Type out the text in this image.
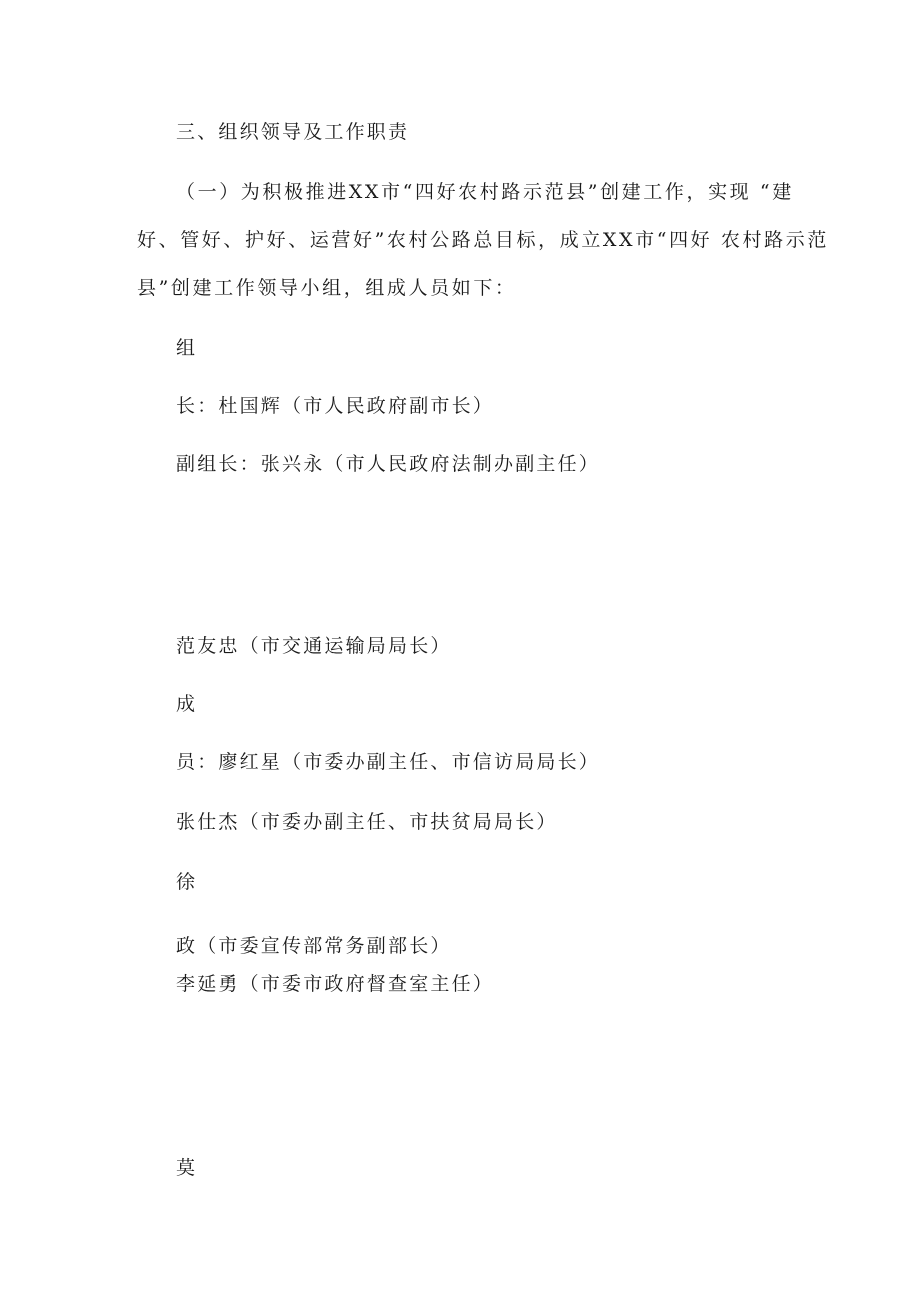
三、组织领导及工作职责
（一）为积极推进XX市“四好农村路示范县”创建工作，实现 “建
好、管好、护好、运营好”农村公路总目标，成立XX市“四好 农村路示范
县”创建工作领导小组，组成人员如下：
组
长：杜国辉（市人民政府副市长）
副组长：张兴永（市人民政府法制办副主任）
范友忠（市交通运输局局长）
成
员：廖红星（市委办副主任、市信访局局长）
张仕杰（市委办副主任、市扶贫局局长）
徐
政（市委宣传部常务副部长）
李延勇（市委市政府督查室主任）
莫
